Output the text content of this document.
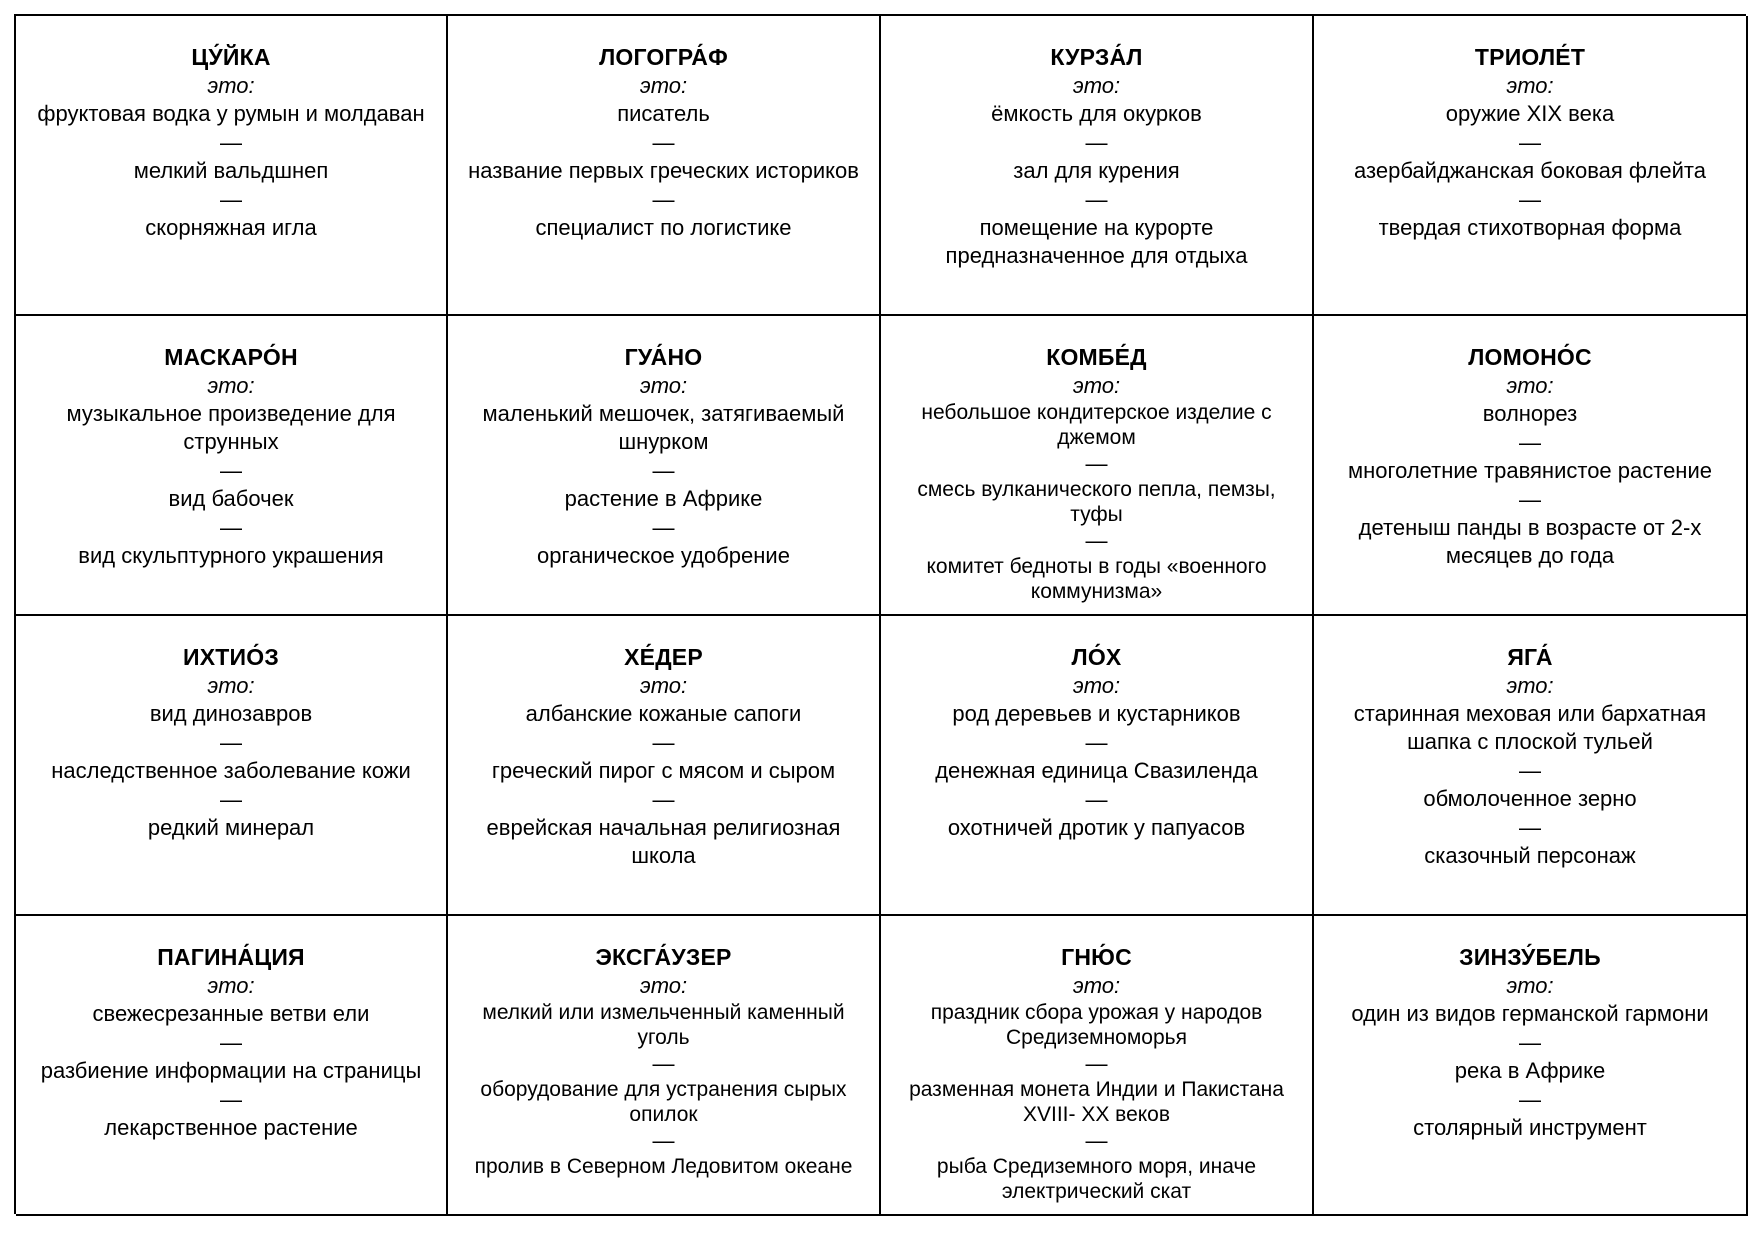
ЦУ́ЙКА
это:
фруктовая водка у румын и молдаван
—
мелкий вальдшнеп
—
скорняжная игла
ЛОГОГРА́Ф
это:
писатель
—
название первых греческих историков
—
специалист по логистике
КУРЗА́Л
это:
ёмкость для окурков
—
зал для курения
—
помещение на курорте предназначенное для отдыха
ТРИОЛЕ́Т
это:
оружие XIX века
—
азербайджанская боковая флейта
—
твердая стихотворная форма
МАСКАРО́Н
это:
музыкальное произведение для струнных
—
вид бабочек
—
вид скульптурного украшения
ГУА́НО
это:
маленький мешочек, затягиваемый шнурком
—
растение в Африке
—
органическое удобрение
КОМБЕ́Д
это:
небольшое кондитерское изделие с джемом
—
смесь вулканического пепла, пемзы, туфы
—
комитет бедноты в годы «военного коммунизма»
ЛОМОНО́С
это:
волнорез
—
многолетние травянистое растение
—
детеныш панды в возрасте от 2-х месяцев до года
ИХТИО́З
это:
вид динозавров
—
наследственное заболевание кожи
—
редкий минерал
ХЕ́ДЕР
это:
албанские кожаные сапоги
—
греческий пирог с мясом и сыром
—
еврейская начальная религиозная школа
ЛО́Х
это:
род деревьев и кустарников
—
денежная единица Свазиленда
—
охотничей дротик у папуасов
ЯГА́
это:
старинная меховая или бархатная шапка с плоской тульей
—
обмолоченное зерно
—
сказочный персонаж
ПАГИНА́ЦИЯ
это:
свежесрезанные ветви ели
—
разбиение информации на страницы
—
лекарственное растение
ЭКСГА́УЗЕР
это:
мелкий или измельченный каменный уголь
—
оборудование для устранения сырых опилок
—
пролив в Северном Ледовитом океане
ГНЮ́С
это:
праздник сбора урожая у народов Средиземноморья
—
разменная монета Индии и Пакистана XVIII- XX веков
—
рыба Средиземного моря, иначе электрический скат
ЗИНЗУ́БЕЛЬ
это:
один из видов германской гармони
—
река в Африке
—
столярный инструмент
